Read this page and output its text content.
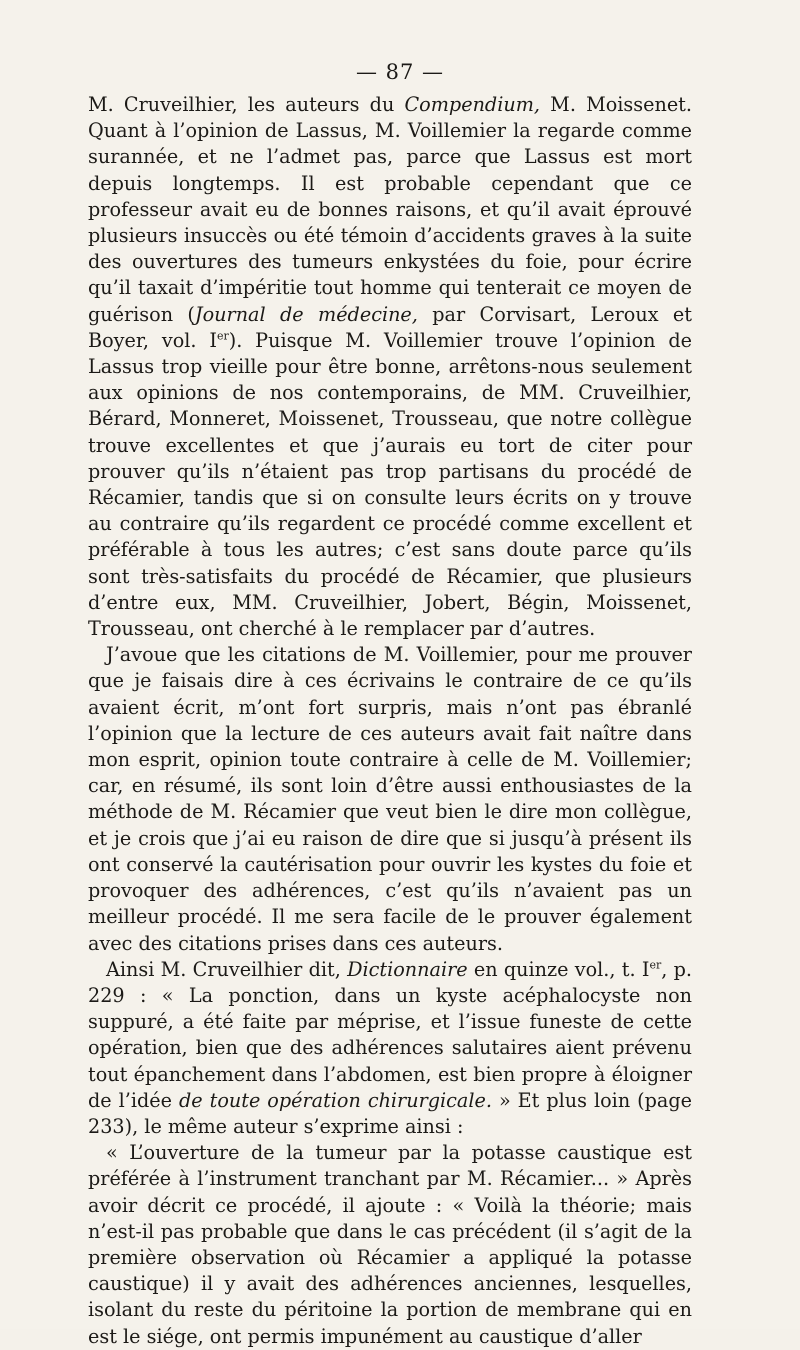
— 87 —

M. Cruveilhier, les auteurs du Compendium, M. Moissenet. Quant à l’opinion de Lassus, M. Voillemier la regarde comme surannée, et ne l’admet pas, parce que Lassus est mort depuis longtemps. Il est probable cependant que ce professeur avait eu de bonnes raisons, et qu’il avait éprouvé plusieurs insuccès ou été témoin d’accidents graves à la suite des ouvertures des tumeurs enkystées du foie, pour écrire qu’il taxait d’impéritie tout homme qui tenterait ce moyen de guérison (Journal de médecine, par Corvisart, Leroux et Boyer, vol. Ier). Puisque M. Voillemier trouve l’opinion de Lassus trop vieille pour être bonne, arrêtons-nous seulement aux opinions de nos contemporains, de MM. Cruveilhier, Bérard, Monneret, Moissenet, Trousseau, que notre collègue trouve excellentes et que j’aurais eu tort de citer pour prouver qu’ils n’étaient pas trop partisans du procédé de Récamier, tandis que si on consulte leurs écrits on y trouve au contraire qu’ils regardent ce procédé comme excellent et préférable à tous les autres; c’est sans doute parce qu’ils sont très-satisfaits du procédé de Récamier, que plusieurs d’entre eux, MM. Cruveilhier, Jobert, Bégin, Moissenet, Trousseau, ont cherché à le remplacer par d’autres.

J’avoue que les citations de M. Voillemier, pour me prouver que je faisais dire à ces écrivains le contraire de ce qu’ils avaient écrit, m’ont fort surpris, mais n’ont pas ébranlé l’opinion que la lecture de ces auteurs avait fait naître dans mon esprit, opinion toute contraire à celle de M. Voillemier; car, en résumé, ils sont loin d’être aussi enthousiastes de la méthode de M. Récamier que veut bien le dire mon collègue, et je crois que j’ai eu raison de dire que si jusqu’à présent ils ont conservé la cautérisation pour ouvrir les kystes du foie et provoquer des adhérences, c’est qu’ils n’avaient pas un meilleur procédé. Il me sera facile de le prouver également avec des citations prises dans ces auteurs.

Ainsi M. Cruveilhier dit, Dictionnaire en quinze vol., t. Ier, p. 229 : « La ponction, dans un kyste acéphalocyste non suppuré, a été faite par méprise, et l’issue funeste de cette opération, bien que des adhérences salutaires aient prévenu tout épanchement dans l’abdomen, est bien propre à éloigner de l’idée de toute opération chirurgicale. » Et plus loin (page 233), le même auteur s’exprime ainsi :

« L’ouverture de la tumeur par la potasse caustique est préférée à l’instrument tranchant par M. Récamier... » Après avoir décrit ce procédé, il ajoute : « Voilà la théorie; mais n’est-il pas probable que dans le cas précédent (il s’agit de la première observation où Récamier a appliqué la potasse caustique) il y avait des adhérences anciennes, lesquelles, isolant du reste du péritoine la portion de membrane qui en est le siége, ont permis impunément au caustique d’aller
